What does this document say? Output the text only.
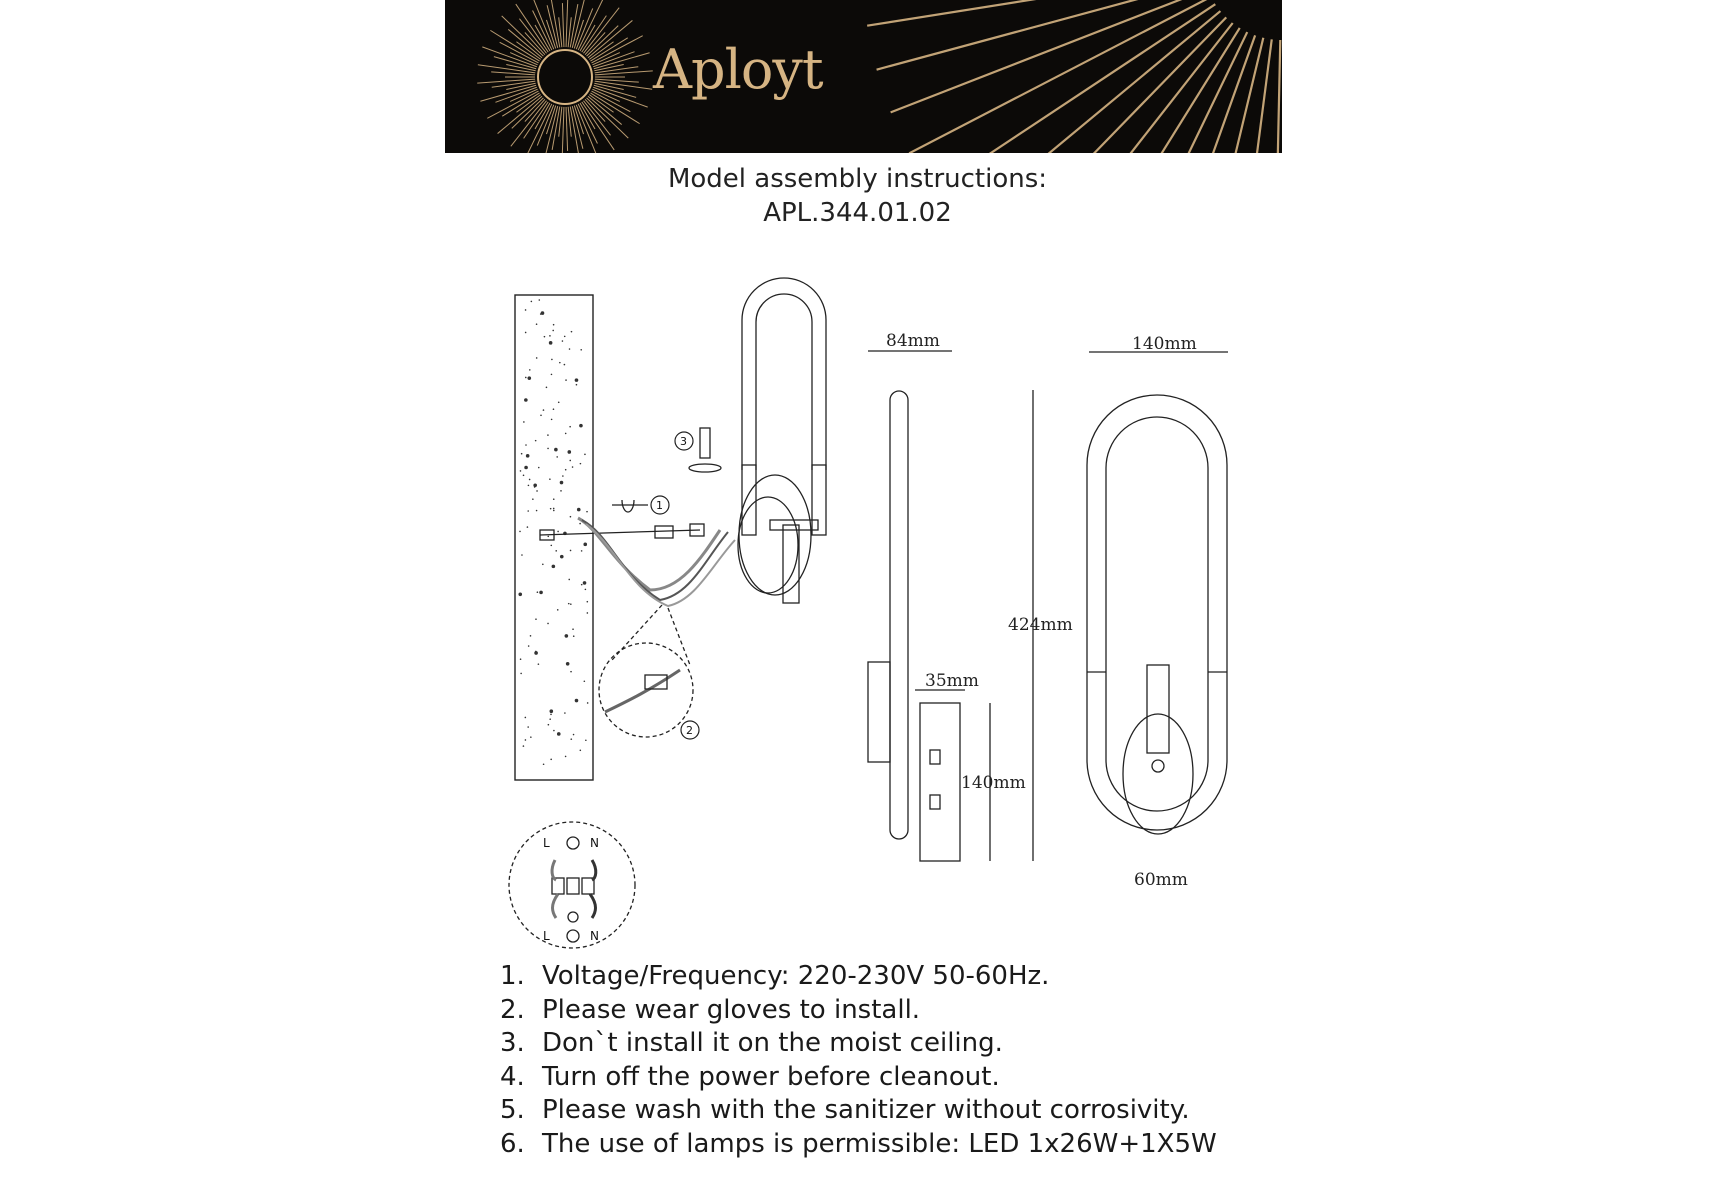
Aployt
Model assembly instructions:
APL.344.01.02
3
1
2
L	N
L	N
84mm
35mm
140mm
424mm
140mm
60mm
1. Voltage/Frequency: 220-230V 50-60Hz.
2. Please wear gloves to install.
3. Don`t install it on the moist ceiling.
4. Turn off the power before cleanout.
5. Please wash with the sanitizer without corrosivity.
6. The use of lamps is permissible: LED 1x26W+1X5W
